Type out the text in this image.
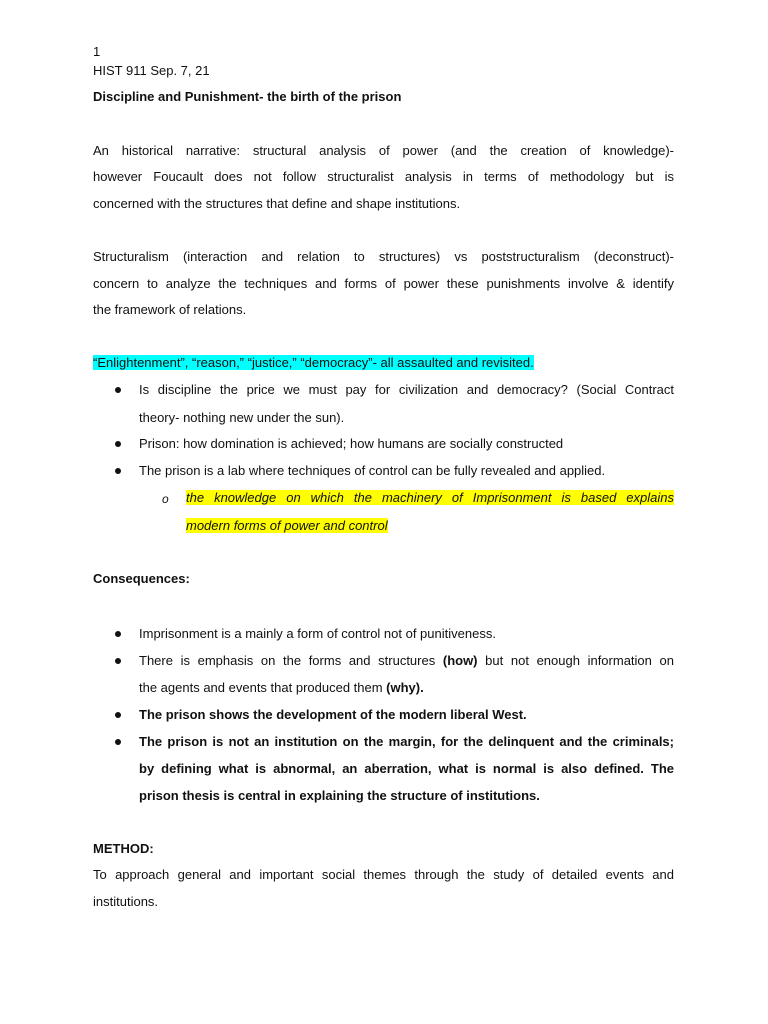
1
HIST 911 Sep. 7, 21
Discipline and Punishment- the birth of the prison
An historical narrative: structural analysis of power (and the creation of knowledge)-
however Foucault does not follow structuralist analysis in terms of methodology but is
concerned with the structures that define and shape institutions.
Structuralism (interaction and relation to structures) vs poststructuralism (deconstruct)-
concern to analyze the techniques and forms of power these punishments involve & identify
the framework of relations.
“Enlightenment”, “reason,” “justice,” “democracy”- all assaulted and revisited.
Is discipline the price we must pay for civilization and democracy? (Social Contract
theory- nothing new under the sun).
Prison: how domination is achieved; how humans are socially constructed
The prison is a lab where techniques of control can be fully revealed and applied.
o the knowledge on which the machinery of Imprisonment is based explains
modern forms of power and control
Consequences:
Imprisonment is a mainly a form of control not of punitiveness.
There is emphasis on the forms and structures (how) but not enough information on
the agents and events that produced them (why).
The prison shows the development of the modern liberal West.
The prison is not an institution on the margin, for the delinquent and the criminals;
by defining what is abnormal, an aberration, what is normal is also defined. The
prison thesis is central in explaining the structure of institutions.
METHOD:
To approach general and important social themes through the study of detailed events and
institutions.
